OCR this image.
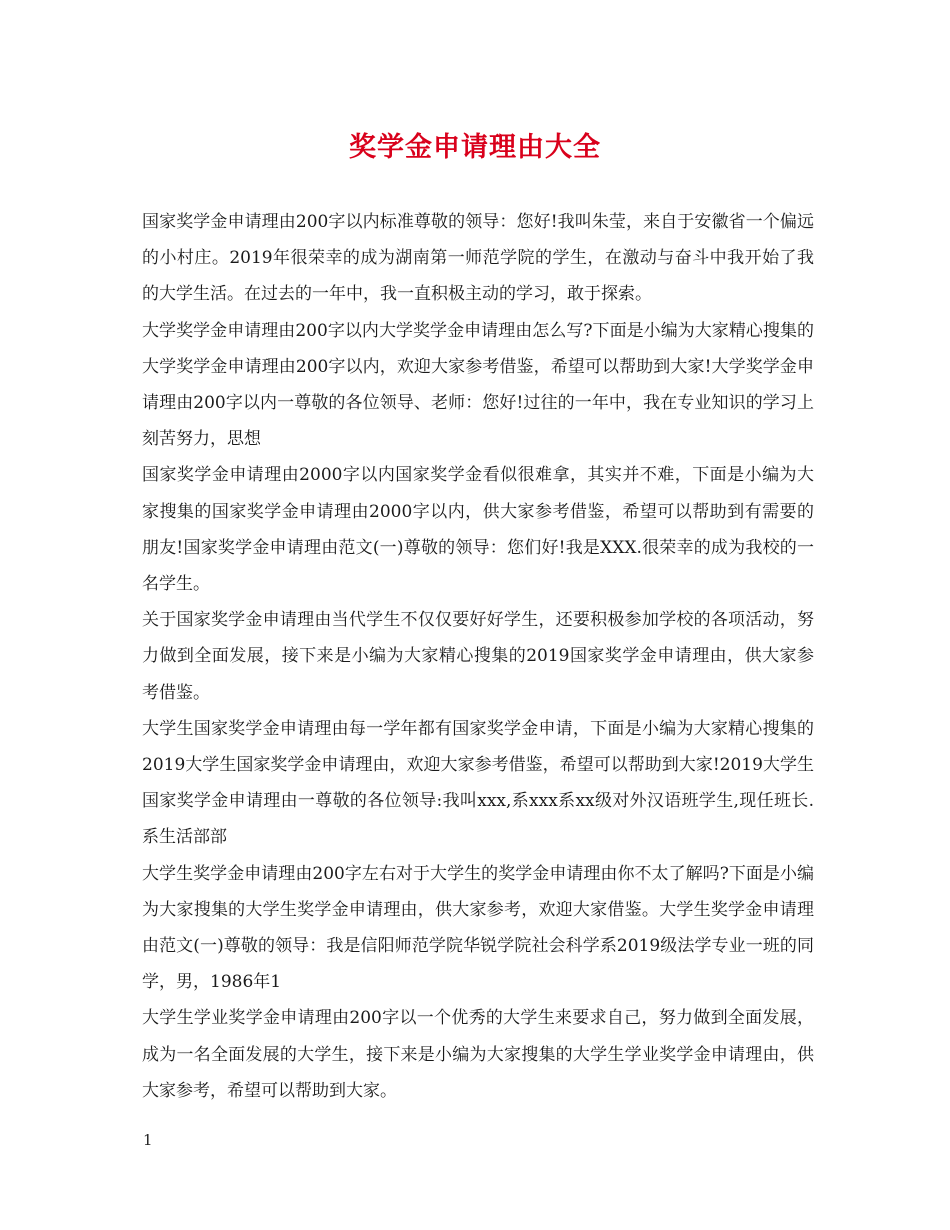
奖学金申请理由大全

国家奖学金申请理由200字以内标准尊敬的领导：您好!我叫朱莹，来自于安徽省一个偏远的小村庄。2019年很荣幸的成为湖南第一师范学院的学生，在激动与奋斗中我开始了我的大学生活。在过去的一年中，我一直积极主动的学习，敢于探索。

大学奖学金申请理由200字以内大学奖学金申请理由怎么写?下面是小编为大家精心搜集的大学奖学金申请理由200字以内，欢迎大家参考借鉴，希望可以帮助到大家!大学奖学金申请理由200字以内一尊敬的各位领导、老师：您好!过往的一年中，我在专业知识的学习上刻苦努力，思想

国家奖学金申请理由2000字以内国家奖学金看似很难拿，其实并不难，下面是小编为大家搜集的国家奖学金申请理由2000字以内，供大家参考借鉴，希望可以帮助到有需要的朋友!国家奖学金申请理由范文(一)尊敬的领导：您们好!我是XXX.很荣幸的成为我校的一名学生。

关于国家奖学金申请理由当代学生不仅仅要好好学生，还要积极参加学校的各项活动，努力做到全面发展，接下来是小编为大家精心搜集的2019国家奖学金申请理由，供大家参考借鉴。

大学生国家奖学金申请理由每一学年都有国家奖学金申请，下面是小编为大家精心搜集的2019大学生国家奖学金申请理由，欢迎大家参考借鉴，希望可以帮助到大家!2019大学生国家奖学金申请理由一尊敬的各位领导:我叫xxx,系xxx系xx级对外汉语班学生,现任班长. 系生活部部

大学生奖学金申请理由200字左右对于大学生的奖学金申请理由你不太了解吗?下面是小编为大家搜集的大学生奖学金申请理由，供大家参考，欢迎大家借鉴。大学生奖学金申请理由范文(一)尊敬的领导：我是信阳师范学院华锐学院社会科学系2019级法学专业一班的同学，男，1986年1

大学生学业奖学金申请理由200字以一个优秀的大学生来要求自己，努力做到全面发展，成为一名全面发展的大学生，接下来是小编为大家搜集的大学生学业奖学金申请理由，供大家参考，希望可以帮助到大家。

1
